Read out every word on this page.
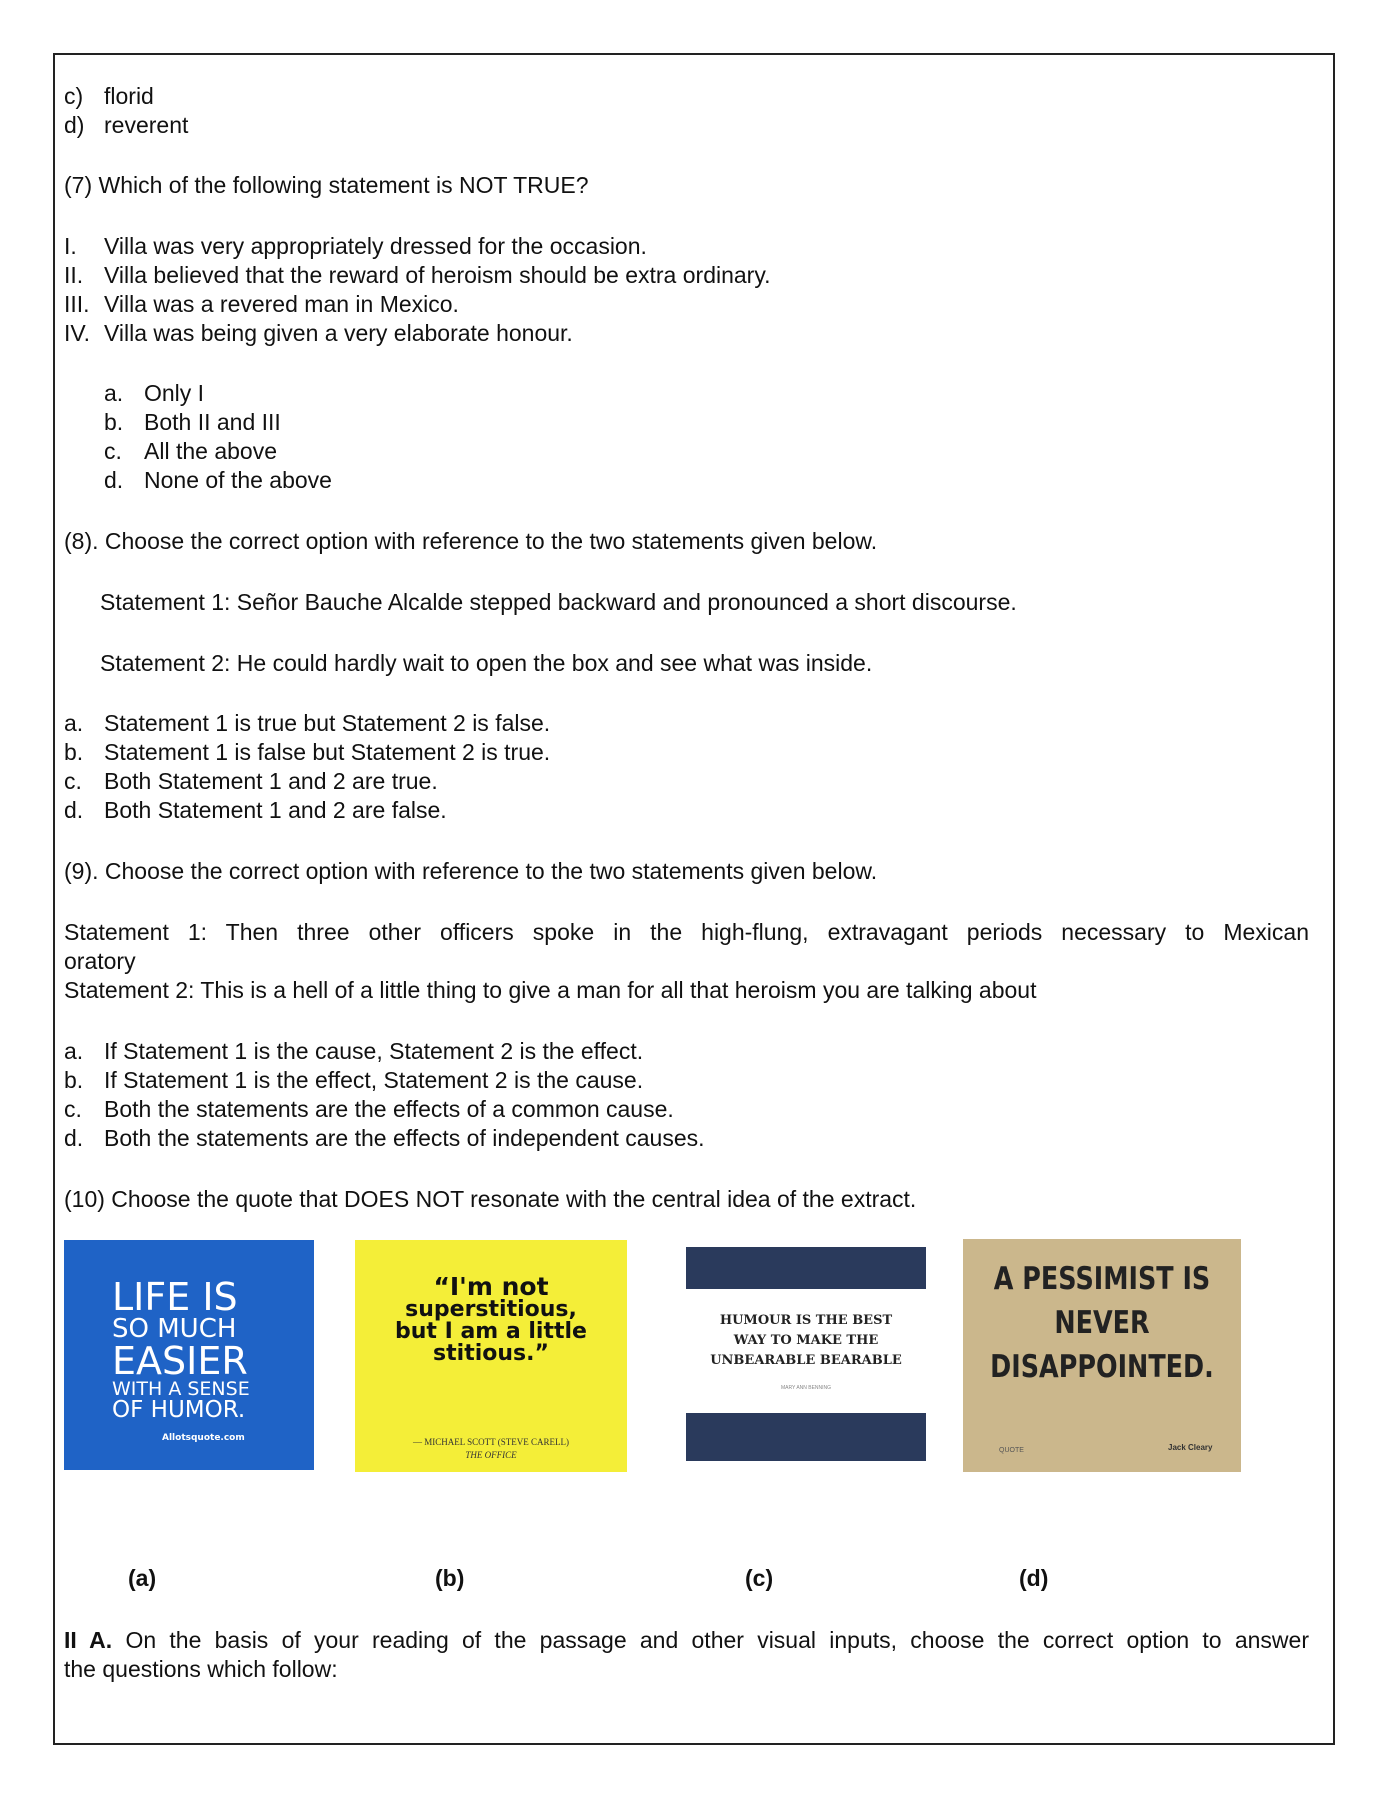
c) florid
d) reverent
(7) Which of the following statement is NOT TRUE?
I. Villa was very appropriately dressed for the occasion.
II. Villa believed that the reward of heroism should be extra ordinary.
III. Villa was a revered man in Mexico.
IV. Villa was being given a very elaborate honour.
a. Only I
b. Both II and III
c. All the above
d. None of the above
(8). Choose the correct option with reference to the two statements given below.
Statement 1: Señor Bauche Alcalde stepped backward and pronounced a short discourse.
Statement 2: He could hardly wait to open the box and see what was inside.
a. Statement 1 is true but Statement 2 is false.
b. Statement 1 is false but Statement 2 is true.
c. Both Statement 1 and 2 are true.
d. Both Statement 1 and 2 are false.
(9). Choose the correct option with reference to the two statements given below.
Statement 1: Then three other officers spoke in the high-flung, extravagant periods necessary to Mexican
oratory
Statement 2: This is a hell of a little thing to give a man for all that heroism you are talking about
a. If Statement 1 is the cause, Statement 2 is the effect.
b. If Statement 1 is the effect, Statement 2 is the cause.
c. Both the statements are the effects of a common cause.
d. Both the statements are the effects of independent causes.
(10) Choose the quote that DOES NOT resonate with the central idea of the extract.
LIFE IS
SO MUCH
EASIER
WITH A SENSE
OF HUMOR.
Allotsquote.com
“I'm not
superstitious,
but I am a little
stitious.”
— MICHAEL SCOTT (STEVE CARELL)
THE OFFICE
HUMOUR IS THE BEST
WAY TO MAKE THE
UNBEARABLE BEARABLE
MARY ANN BENNING
A PESSIMIST IS
NEVER
DISAPPOINTED.
QUOTE	Jack Cleary
(a)	(b)	(c)	(d)
II A. On the basis of your reading of the passage and other visual inputs, choose the correct option to answer
the questions which follow:
